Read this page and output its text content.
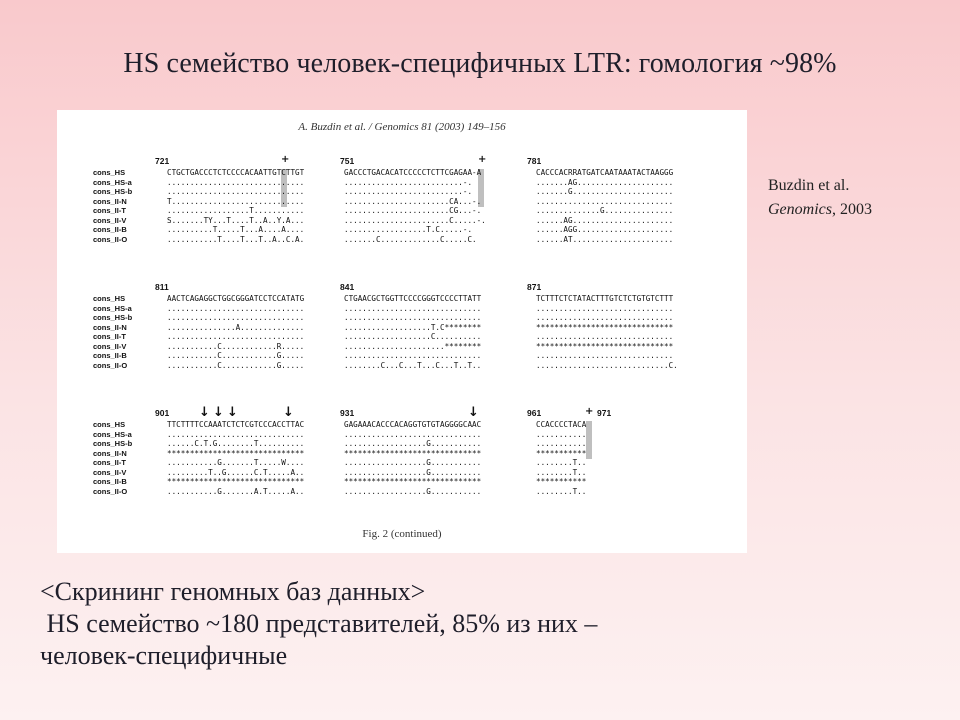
HS семейство человек-специфичных LTR: гомология ~98%
A. Buzdin et al. / Genomics 81 (2003) 149–156
721	751	781
+	+
cons_HS	CTGCTGACCCTCTCCCCACAATTGTCTTGT	GACCCTGACACATCCCCCTCTTCGAGAA-A	CACCCACRRATGATCAATAAATACTAAGGG
cons_HS-a	..............................	..........................-.	.......AG.....................
cons_HS-b	..............................	..........................-.	.......G......................
cons_II-N	T.............................	.......................CA...-.	..............................
cons_II-T	..................T...........	.......................CG...-.	..............G...............
cons_II-V	S.......TY...T....T..A..Y.A...	.......................C.....-.	......AG......................
cons_II-B	..........T.....T...A....A....	..................T.C.....-.	......AGG.....................
cons_II-O	...........T....T...T..A..C.A.	.......C.............C.....C.	......AT......................
811	841	871
cons_HS	AACTCAGAGGCTGGCGGGATCCTCCATATG	CTGAACGCTGGTTCCCCGGGTCCCCTTATT	TCTTTCTCTATACTTTGTCTCTGTGTCTTT
cons_HS-a	..............................	..............................	..............................
cons_HS-b	..............................	..............................	..............................
cons_II-N	...............A..............	...................T.C********	******************************
cons_II-T	..............................	...................C..........	..............................
cons_II-V	...........C............R.....	......................********	******************************
cons_II-B	...........C............G.....	..............................	..............................
cons_II-O	...........C............G.....	........C...C...T...C...T..T..	.............................C.
901	931	961	971
↓ ↓ ↓	↓	↓	+
cons_HS	TTCTTTTCCAAATCTCTCGTCCCACCTTAC	GAGAAACACCCACAGGTGTGTAGGGGCAAC	CCACCCCTACA
cons_HS-a	..............................	..............................	...........
cons_HS-b	......C.T.G........T..........	..................G...........	...........
cons_II-N	******************************	******************************	***********
cons_II-T	...........G.......T.....W....	..................G...........	........T..
cons_II-V	.........T..G......C.T.....A..	..................G...........	........T..
cons_II-B	******************************	******************************	***********
cons_II-O	...........G.......A.T.....A..	..................G...........	........T..
Fig. 2 (continued)
Buzdin et al.
Genomics, 2003
<Скрининг геномных баз данных>
HS семейство ~180 представителей, 85% из них –
человек-специфичные
